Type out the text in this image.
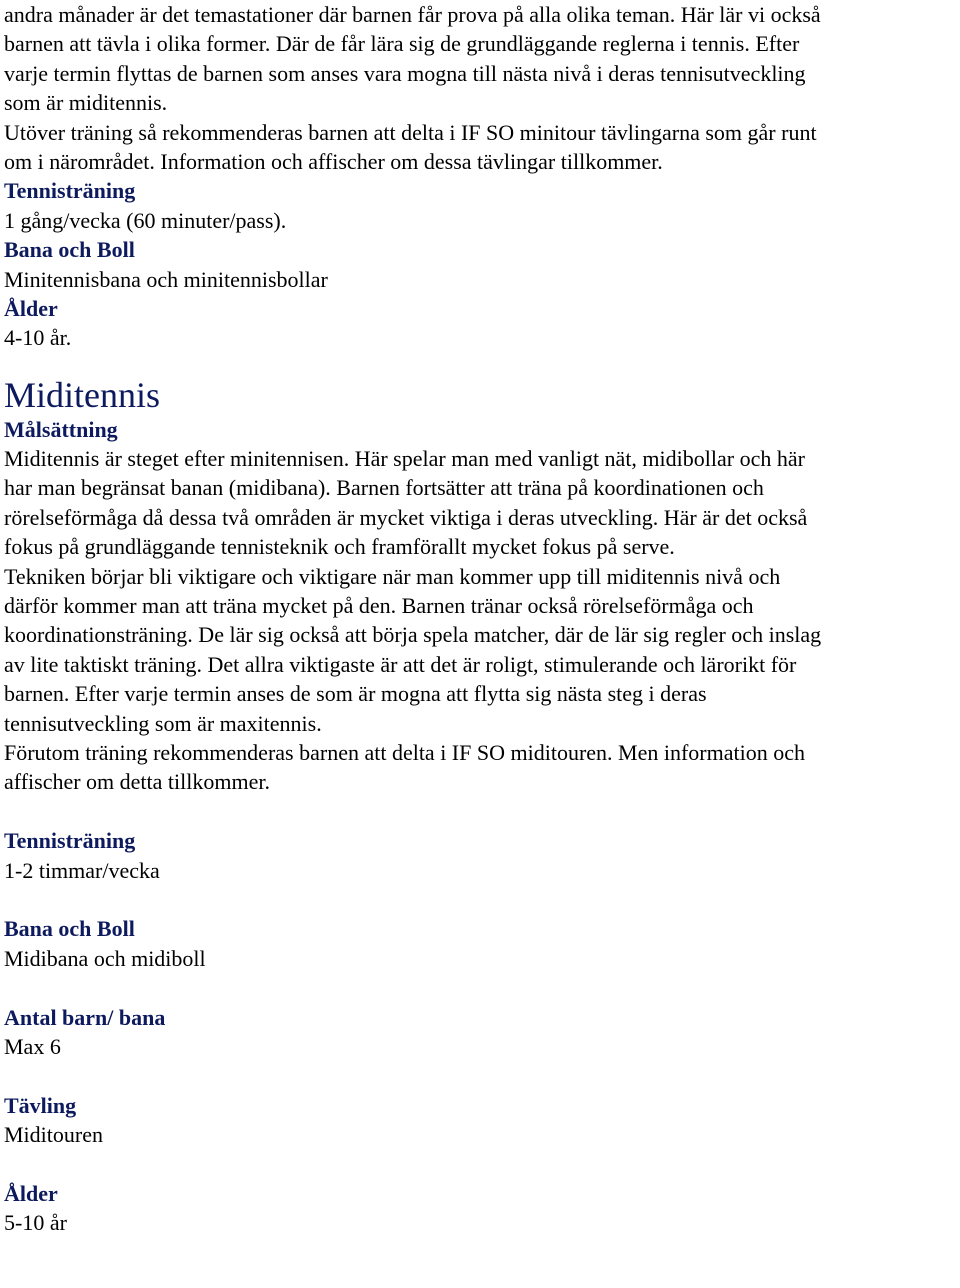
andra månader är det temastationer där barnen får prova på alla olika teman. Här lär vi också
barnen att tävla i olika former. Där de får lära sig de grundläggande reglerna i tennis. Efter
varje termin flyttas de barnen som anses vara mogna till nästa nivå i deras tennisutveckling
som är miditennis.
Utöver träning så rekommenderas barnen att delta i IF SO minitour tävlingarna som går runt
om i närområdet. Information och affischer om dessa tävlingar tillkommer.
Tennisträning
1 gång/vecka (60 minuter/pass).
Bana och Boll
Minitennisbana och minitennisbollar
Ålder
4-10 år.
Miditennis
Målsättning
Miditennis är steget efter minitennisen. Här spelar man med vanligt nät, midibollar och här
har man begränsat banan (midibana). Barnen fortsätter att träna på koordinationen och
rörelseförmåga då dessa två områden är mycket viktiga i deras utveckling. Här är det också
fokus på grundläggande tennisteknik och framförallt mycket fokus på serve.
Tekniken börjar bli viktigare och viktigare när man kommer upp till miditennis nivå och
därför kommer man att träna mycket på den. Barnen tränar också rörelseförmåga och
koordinationsträning. De lär sig också att börja spela matcher, där de lär sig regler och inslag
av lite taktiskt träning. Det allra viktigaste är att det är roligt, stimulerande och lärorikt för
barnen. Efter varje termin anses de som är mogna att flytta sig nästa steg i deras
tennisutveckling som är maxitennis.
Förutom träning rekommenderas barnen att delta i IF SO miditouren. Men information och
affischer om detta tillkommer.
Tennisträning
1-2 timmar/vecka
Bana och Boll
Midibana och midiboll
Antal barn/ bana
Max 6
Tävling
Miditouren
Ålder
5-10 år
